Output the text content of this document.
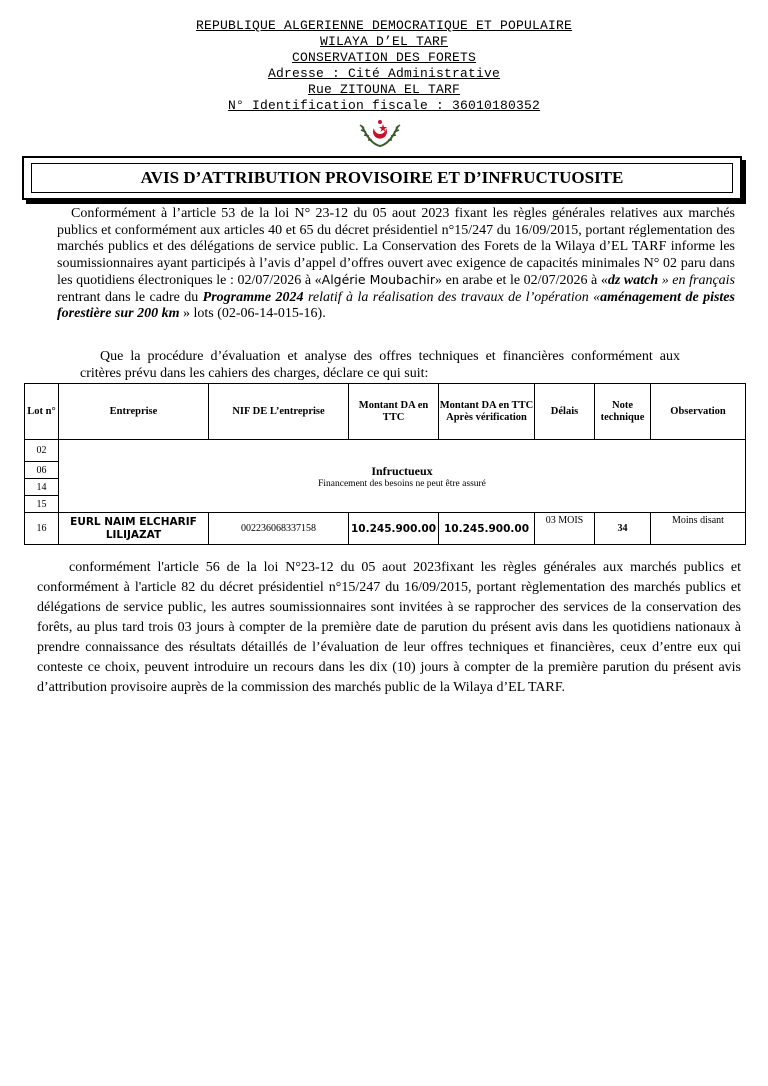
REPUBLIQUE ALGERIENNE DEMOCRATIQUE ET POPULAIRE
WILAYA D’EL TARF
CONSERVATION DES FORETS
Adresse : Cité Administrative
Rue ZITOUNA EL TARF
N° Identification fiscale : 36010180352
AVIS D’ATTRIBUTION PROVISOIRE ET D’INFRUCTUOSITE
Conformément à l’article 53 de la loi N° 23-12 du 05 aout 2023 fixant les règles générales relatives aux marchés publics et conformément aux articles 40 et 65 du décret présidentiel n°15/247 du 16/09/2015, portant réglementation des marchés publics et des délégations de service public. La Conservation des Forets de la Wilaya d’EL TARF informe les soumissionnaires ayant participés à l’avis d’appel d’offres ouvert avec exigence de capacités minimales N° 02 paru dans les quotidiens électroniques le : 02/07/2026 à «Algérie Moubachir» en arabe et le 02/07/2026 à «dz watch » en français rentrant dans le cadre du Programme 2024 relatif à la réalisation des travaux de l’opération «aménagement de pistes forestière sur 200 km » lots (02-06-14-015-16).
Que la procédure d’évaluation et analyse des offres techniques et financières conformément aux critères prévu dans les cahiers des charges, déclare ce qui suit:
Lot n°	Entreprise	NIF DE L’entreprise	Montant DA en TTC	Montant DA en TTC Après vérification	Délais	Note technique	Observation
02	Infructueux
Financement des besoins ne peut être assuré						

06							
14							
15							
16	EURL NAIM ELCHARIF LILIJAZAT	002236068337158	10.245.900.00	10.245.900.00	03 MOIS	34	Moins disant
conformément l'article 56 de la loi N°23-12 du 05 aout 2023fixant les règles générales aux marchés publics et conformément à l'article 82 du décret présidentiel n°15/247 du 16/09/2015, portant règlementation des marchés publics et délégations de service public, les autres soumissionnaires sont invitées à se rapprocher des services de la conservation des forêts, au plus tard trois 03 jours à compter de la première date de parution du présent avis dans les quotidiens nationaux à prendre connaissance des résultats détaillés de l’évaluation de leur offres techniques et financières, ceux d’entre eux qui conteste ce choix, peuvent introduire un recours dans les dix (10) jours à compter de la première parution du présent avis d’attribution provisoire auprès de la commission des marchés public de la Wilaya d’EL TARF.
